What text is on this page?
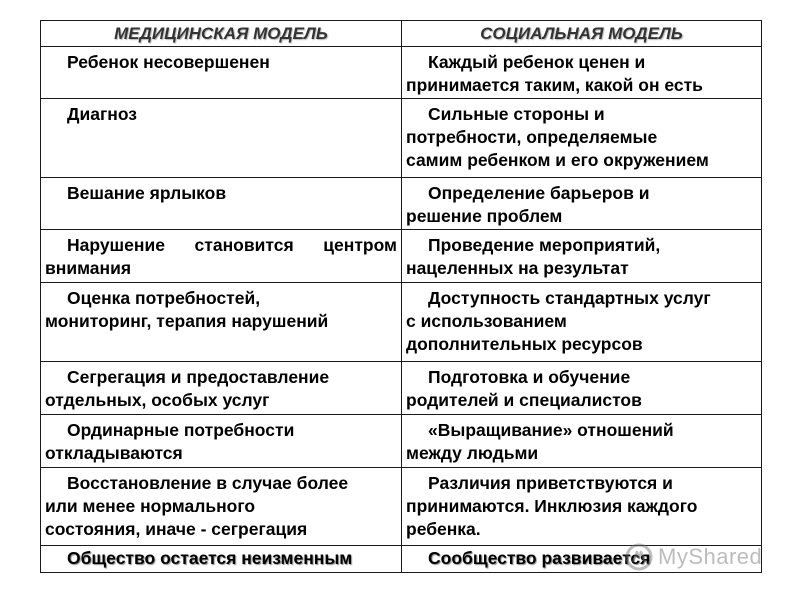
МЕДИЦИНСКАЯ МОДЕЛЬ	СОЦИАЛЬНАЯ МОДЕЛЬ

Ребенок несовершенен	Каждый ребенок ценен и
принимается таким, какой он есть

Диагноз	Сильные стороны и
потребности, определяемые
самим ребенком и его окружением

Вешание ярлыков	Определение барьеров и
решение проблем

Нарушение становится центром внимания	Проведение мероприятий,
нацеленных на результат

Оценка потребностей,
мониторинг, терапия нарушений	Доступность стандартных услуг
с использованием
дополнительных ресурсов

Сегрегация и предоставление
отдельных, особых услуг	Подготовка и обучение
родителей и специалистов

Ординарные потребности
откладываются	«Выращивание» отношений
между людьми

Восстановление в случае более
или менее нормального
состояния, иначе - сегрегация	Различия приветствуются и
принимаются. Инклюзия каждого
ребенка.

Общество остается неизменным	Сообщество развивается MyShared
